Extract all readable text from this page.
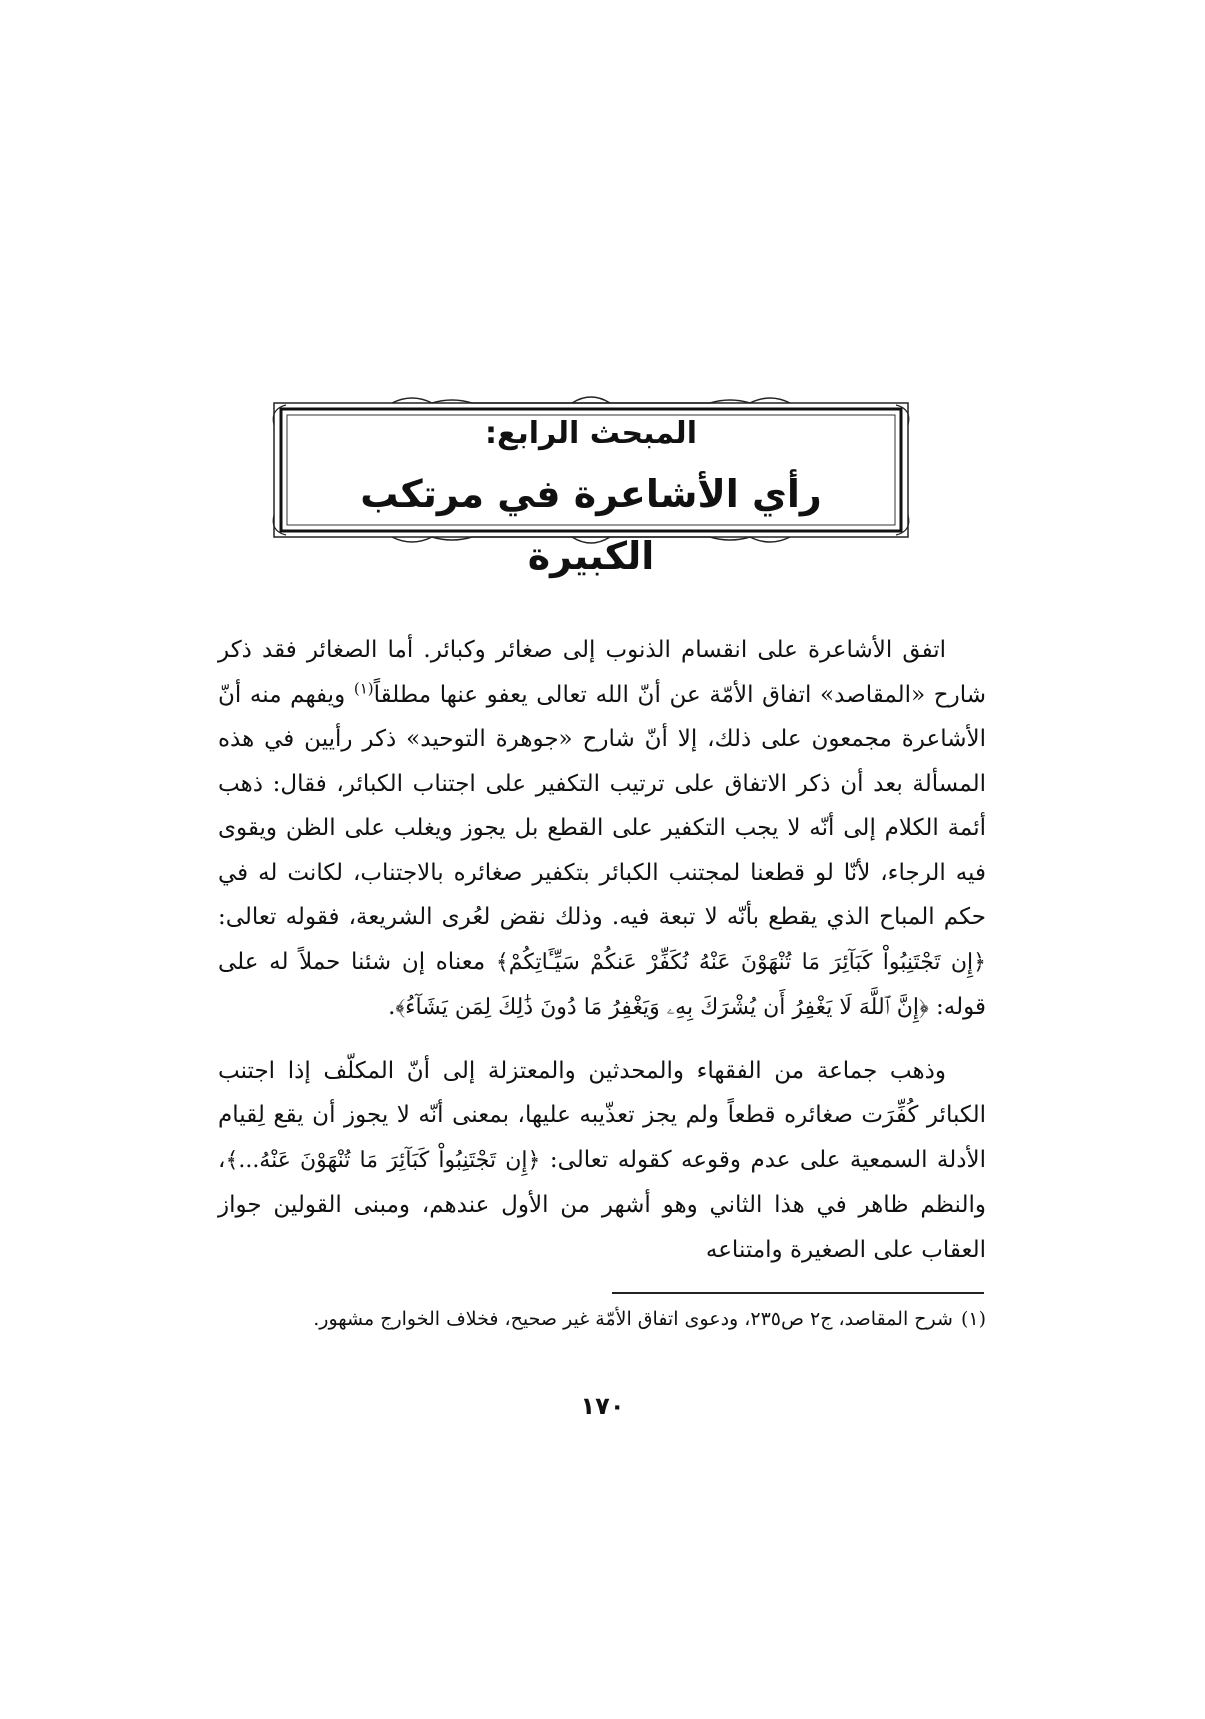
المبحث الرابع:
رأي الأشاعرة في مرتكب الكبيرة

اتفق الأشاعرة على انقسام الذنوب إلى صغائر وكبائر. أما الصغائر فقد ذكر شارح «المقاصد» اتفاق الأمّة عن أنّ الله تعالى يعفو عنها مطلقاً$^{(١)}$ ويفهم منه أنّ الأشاعرة مجمعون على ذلك، إلا أنّ شارح «جوهرة التوحيد» ذكر رأيين في هذه المسألة بعد أن ذكر الاتفاق على ترتيب التكفير على اجتناب الكبائر، فقال: ذهب أئمة الكلام إلى أنّه لا يجب التكفير على القطع بل يجوز ويغلب على الظن ويقوى فيه الرجاء، لأنّا لو قطعنا لمجتنب الكبائر بتكفير صغائره بالاجتناب، لكانت له في حكم المباح الذي يقطع بأنّه لا تبعة فيه. وذلك نقض لعُرى الشريعة، فقوله تعالى: ﴿إِن تَجْتَنِبُواْ كَبَآئِرَ مَا تُنْهَوْنَ عَنْهُ نُكَفِّرْ عَنكُمْ سَيِّـَٔاتِكُمْ﴾ معناه إن شئنا حملاً له على قوله: ﴿إِنَّ ٱللَّهَ لَا يَغْفِرُ أَن يُشْرَكَ بِهِۦ وَيَغْفِرُ مَا دُونَ ذَٰلِكَ لِمَن يَشَآءُ﴾.

وذهب جماعة من الفقهاء والمحدثين والمعتزلة إلى أنّ المكلّف إذا اجتنب الكبائر كُفِّرَت صغائره قطعاً ولم يجز تعذّيبه عليها، بمعنى أنّه لا يجوز أن يقع لِقيام الأدلة السمعية على عدم وقوعه كقوله تعالى: ﴿إِن تَجْتَنِبُواْ كَبَآئِرَ مَا تُنْهَوْنَ عَنْهُ...﴾، والنظم ظاهر في هذا الثاني وهو أشهر من الأول عندهم، ومبنى القولين جواز العقاب على الصغيرة وامتناعه

(١)شرح المقاصد، ج٢ ص٢٣٥، ودعوى اتفاق الأمّة غير صحيح، فخلاف الخوارج مشهور.
١٧٠
